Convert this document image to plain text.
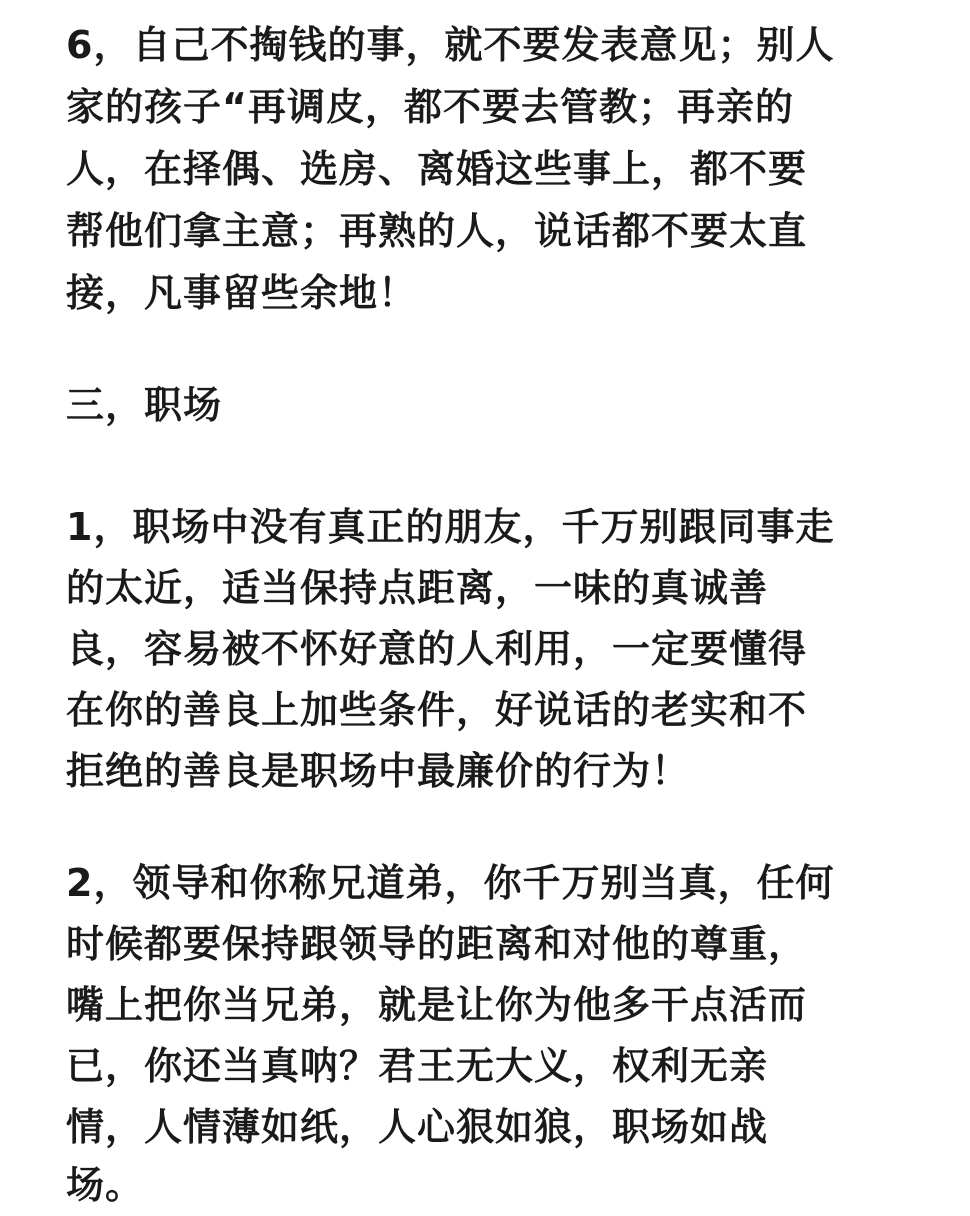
6，自己不掏钱的事，就不要发表意见；别人
家的孩子“再调皮，都不要去管教；再亲的
人，在择偶、选房、离婚这些事上，都不要
帮他们拿主意；再熟的人，说话都不要太直
接，凡事留些余地！
三，职场
1，职场中没有真正的朋友，千万别跟同事走
的太近，适当保持点距离，一味的真诚善
良，容易被不怀好意的人利用，一定要懂得
在你的善良上加些条件，好说话的老实和不
拒绝的善良是职场中最廉价的行为！
2，领导和你称兄道弟，你千万别当真，任何
时候都要保持跟领导的距离和对他的尊重，
嘴上把你当兄弟，就是让你为他多干点活而
已，你还当真呐？君王无大义，权利无亲
情，人情薄如纸，人心狠如狼，职场如战
场。
